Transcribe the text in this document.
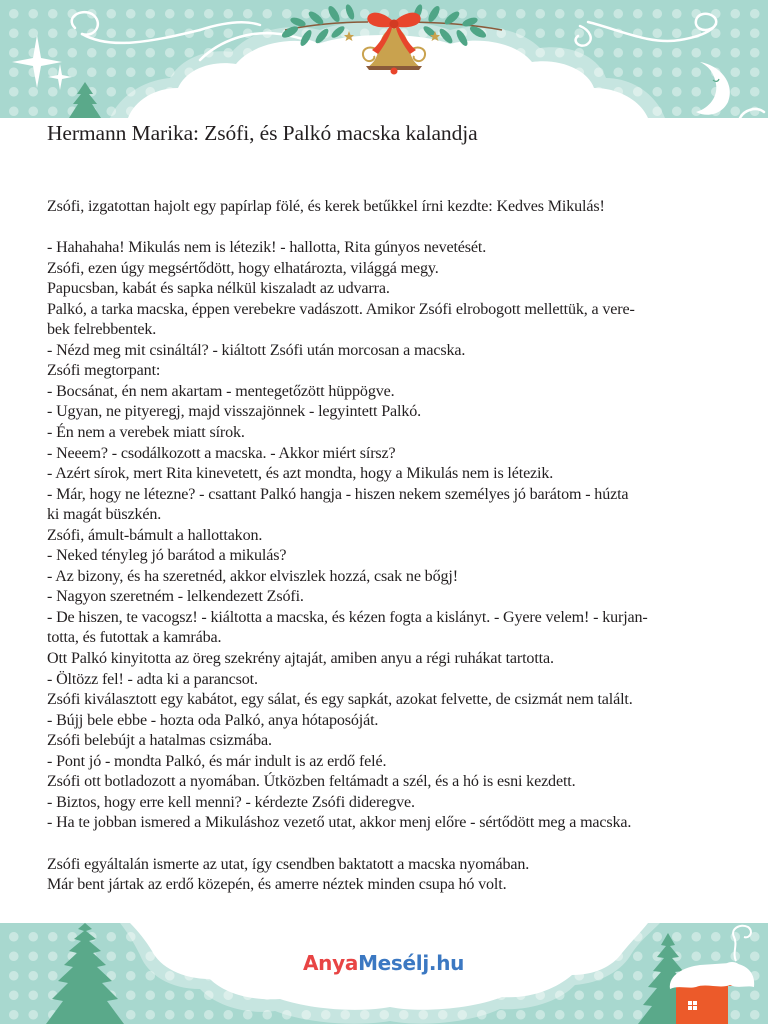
Hermann Marika: Zsófi, és Palkó macska kalandja
Zsófi, izgatottan hajolt egy papírlap fölé, és kerek betűkkel írni kezdte: Kedves Mikulás!
- Hahahaha! Mikulás nem is létezik! - hallotta, Rita gúnyos nevetését.
Zsófi, ezen úgy megsértődött, hogy elhatározta, világgá megy.
Papucsban, kabát és sapka nélkül kiszaladt az udvarra.
Palkó, a tarka macska, éppen verebekre vadászott. Amikor Zsófi elrobogott mellettük, a vere-
bek felrebbentek.
- Nézd meg mit csináltál? - kiáltott Zsófi után morcosan a macska.
Zsófi megtorpant:
- Bocsánat, én nem akartam - mentegetőzött hüppögve.
- Ugyan, ne pityeregj, majd visszajönnek - legyintett Palkó.
- Én nem a verebek miatt sírok.
- Neeem? - csodálkozott a macska. - Akkor miért sírsz?
- Azért sírok, mert Rita kinevetett, és azt mondta, hogy a Mikulás nem is létezik.
- Már, hogy ne létezne? - csattant Palkó hangja - hiszen nekem személyes jó barátom - húzta
ki magát büszkén.
Zsófi, ámult-bámult a hallottakon.
- Neked tényleg jó barátod a mikulás?
- Az bizony, és ha szeretnéd, akkor elviszlek hozzá, csak ne bőgj!
- Nagyon szeretném - lelkendezett Zsófi.
- De hiszen, te vacogsz! - kiáltotta a macska, és kézen fogta a kislányt. - Gyere velem! - kurjan-
totta, és futottak a kamrába.
Ott Palkó kinyitotta az öreg szekrény ajtaját, amiben anyu a régi ruhákat tartotta.
- Öltözz fel! - adta ki a parancsot.
Zsófi kiválasztott egy kabátot, egy sálat, és egy sapkát, azokat felvette, de csizmát nem talált.
- Bújj bele ebbe - hozta oda Palkó, anya hótaposóját.
Zsófi belebújt a hatalmas csizmába.
- Pont jó - mondta Palkó, és már indult is az erdő felé.
Zsófi ott botladozott a nyomában. Útközben feltámadt a szél, és a hó is esni kezdett.
- Biztos, hogy erre kell menni? - kérdezte Zsófi dideregve.
- Ha te jobban ismered a Mikuláshoz vezető utat, akkor menj előre - sértődött meg a macska.
Zsófi egyáltalán ismerte az utat, így csendben baktatott a macska nyomában.
Már bent jártak az erdő közepén, és amerre néztek minden csupa hó volt.
AnyaMesélj.hu
